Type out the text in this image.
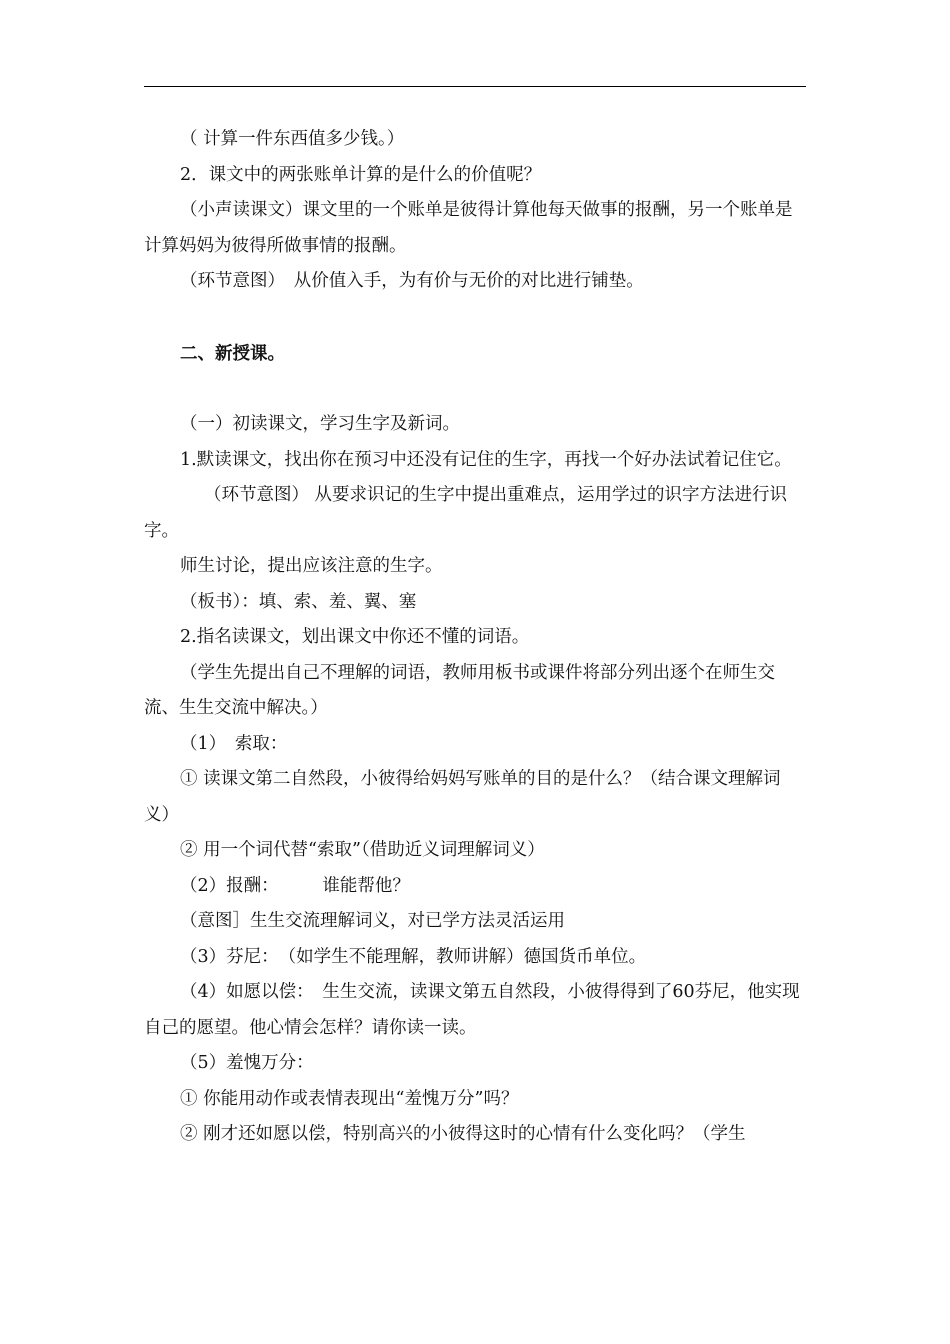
（ 计算一件东西值多少钱。）

2．课文中的两张账单计算的是什么的价值呢？

（小声读课文）课文里的一个账单是彼得计算他每天做事的报酬，另一个账单是计算妈妈为彼得所做事情的报酬。

（环节意图）　从价值入手，为有价与无价的对比进行铺垫。

二、新授课。

（一）初读课文，学习生字及新词。

1.默读课文，找出你在预习中还没有记住的生字，再找一个好办法试着记住它。

（环节意图） 从要求识记的生字中提出重难点，运用学过的识字方法进行识字。

师生讨论，提出应该注意的生字。

（板书）：填、索、羞、翼、塞

2.指名读课文，划出课文中你还不懂的词语。

（学生先提出自己不理解的词语，教师用板书或课件将部分列出逐个在师生交流、生生交流中解决。）

（1）　索取：

① 读课文第二自然段，小彼得给妈妈写账单的目的是什么？（结合课文理解词义）

② 用一个词代替“索取”（借助近义词理解词义）

（2）报酬：　　　谁能帮他？

（意图］生生交流理解词义，对已学方法灵活运用

（3）芬尼：　（如学生不能理解，教师讲解）德国货币单位。

（4）如愿以偿：　生生交流，读课文第五自然段，小彼得得到了60芬尼，他实现自己的愿望。他心情会怎样？请你读一读。

（5）羞愧万分：

① 你能用动作或表情表现出“羞愧万分”吗？

② 刚才还如愿以偿，特别高兴的小彼得这时的心情有什么变化吗？（学生
